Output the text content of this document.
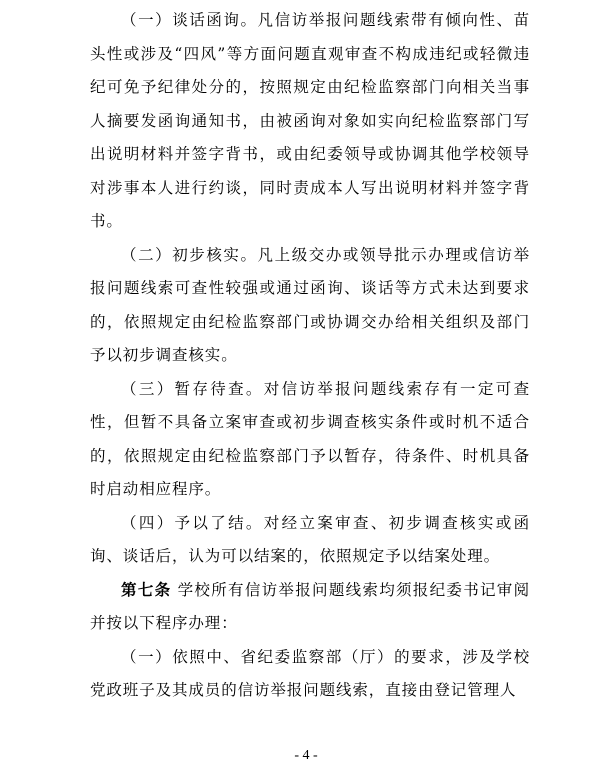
（一）谈话函询。凡信访举报问题线索带有倾向性、苗头性或涉及“四风”等方面问题直观审查不构成违纪或轻微违纪可免予纪律处分的，按照规定由纪检监察部门向相关当事人摘要发函询通知书，由被函询对象如实向纪检监察部门写出说明材料并签字背书，或由纪委领导或协调其他学校领导对涉事本人进行约谈，同时责成本人写出说明材料并签字背书。

（二）初步核实。凡上级交办或领导批示办理或信访举报问题线索可查性较强或通过函询、谈话等方式未达到要求的，依照规定由纪检监察部门或协调交办给相关组织及部门予以初步调查核实。

（三）暂存待查。对信访举报问题线索存有一定可查性，但暂不具备立案审查或初步调查核实条件或时机不适合的，依照规定由纪检监察部门予以暂存，待条件、时机具备时启动相应程序。

（四）予以了结。对经立案审查、初步调查核实或函询、谈话后，认为可以结案的，依照规定予以结案处理。

第七条 学校所有信访举报问题线索均须报纪委书记审阅并按以下程序办理：

（一）依照中、省纪委监察部（厅）的要求，涉及学校党政班子及其成员的信访举报问题线索，直接由登记管理人

- 4 -
